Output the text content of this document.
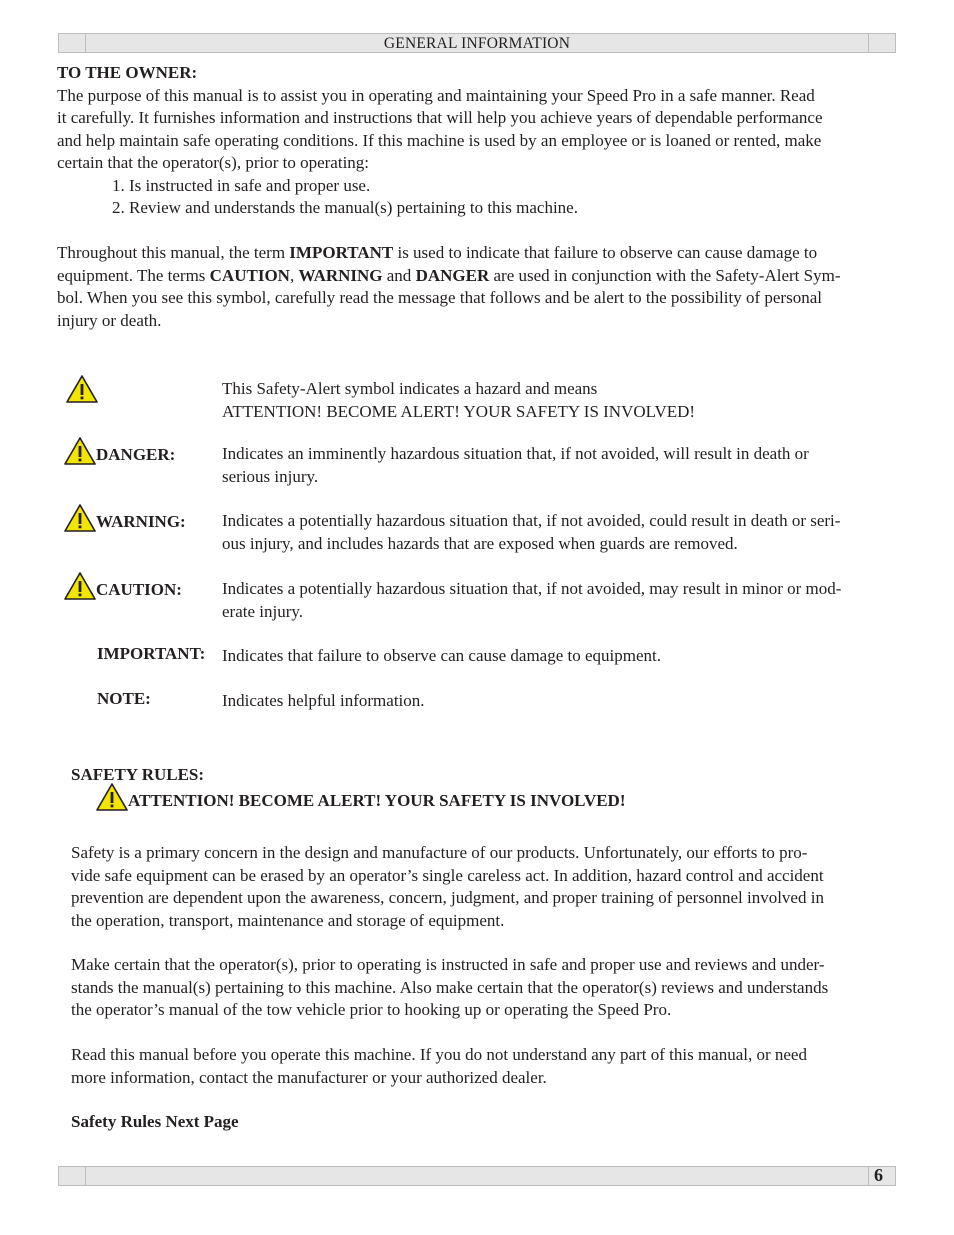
GENERAL INFORMATION

TO THE OWNER:

The purpose of this manual is to assist you in operating and maintaining your Speed Pro in a safe manner. Read

it carefully. It furnishes information and instructions that will help you achieve years of dependable performance

and help maintain safe operating conditions. If this machine is used by an employee or is loaned or rented, make

certain that the operator(s), prior to operating:

1. Is instructed in safe and proper use.

2. Review and understands the manual(s) pertaining to this machine.

Throughout this manual, the term IMPORTANT is used to indicate that failure to observe can cause damage to

equipment. The terms CAUTION, WARNING and DANGER are used in conjunction with the Safety-Alert Sym-

bol. When you see this symbol, carefully read the message that follows and be alert to the possibility of personal

injury or death.

This Safety-Alert symbol indicates a hazard and means

ATTENTION! BECOME ALERT! YOUR SAFETY IS INVOLVED!

DANGER:	Indicates an imminently hazardous situation that, if not avoided, will result in death or

serious injury.

WARNING: Indicates a potentially hazardous situation that, if not avoided, could result in death or seri-

ous injury, and includes hazards that are exposed when guards are removed.

CAUTION: Indicates a potentially hazardous situation that, if not avoided, may result in minor or mod-

erate injury.

IMPORTANT: Indicates that failure to observe can cause damage to equipment.

NOTE:	Indicates helpful information.

SAFETY RULES:

ATTENTION! BECOME ALERT! YOUR SAFETY IS INVOLVED!

Safety is a primary concern in the design and manufacture of our products. Unfortunately, our efforts to pro-

vide safe equipment can be erased by an operator’s single careless act. In addition, hazard control and accident

prevention are dependent upon the awareness, concern, judgment, and proper training of personnel involved in

the operation, transport, maintenance and storage of equipment.

Make certain that the operator(s), prior to operating is instructed in safe and proper use and reviews and under-

stands the manual(s) pertaining to this machine. Also make certain that the operator(s) reviews and understands

the operator’s manual of the tow vehicle prior to hooking up or operating the Speed Pro.

Read this manual before you operate this machine. If you do not understand any part of this manual, or need

more information, contact the manufacturer or your authorized dealer.

Safety Rules Next Page
6
